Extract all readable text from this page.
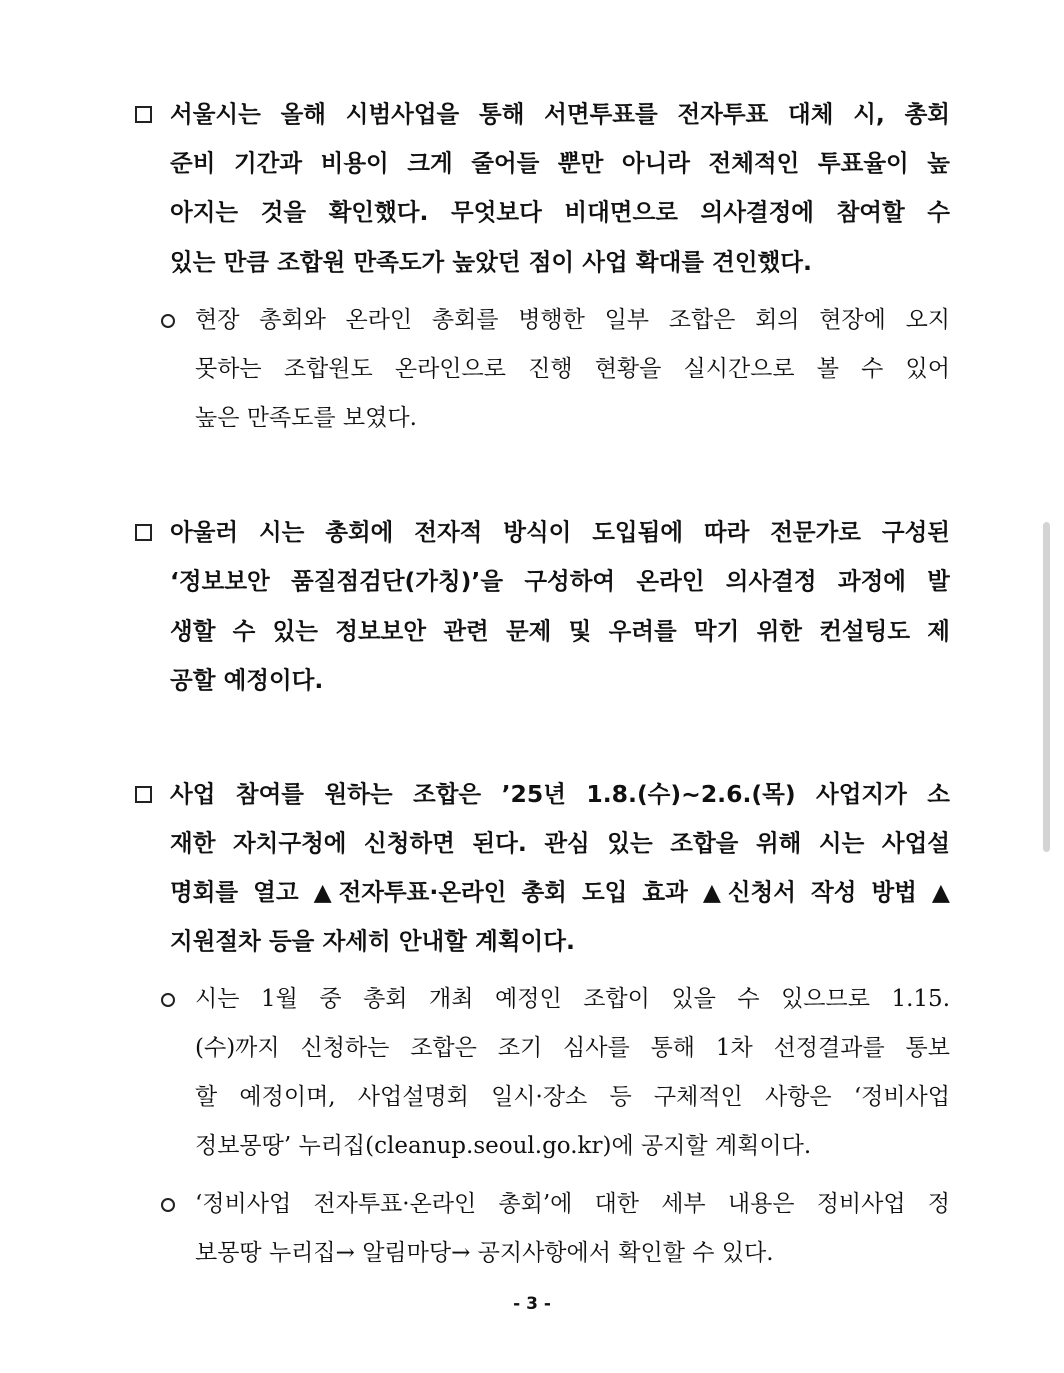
서울시는 올해 시범사업을 통해 서면투표를 전자투표 대체 시, 총회
준비 기간과 비용이 크게 줄어들 뿐만 아니라 전체적인 투표율이 높
아지는 것을 확인했다. 무엇보다 비대면으로 의사결정에 참여할 수
있는 만큼 조합원 만족도가 높았던 점이 사업 확대를 견인했다.
현장 총회와 온라인 총회를 병행한 일부 조합은 회의 현장에 오지
못하는 조합원도 온라인으로 진행 현황을 실시간으로 볼 수 있어
높은 만족도를 보였다.
아울러 시는 총회에 전자적 방식이 도입됨에 따라 전문가로 구성된
‘정보보안 품질점검단(가칭)’을 구성하여 온라인 의사결정 과정에 발
생할 수 있는 정보보안 관련 문제 및 우려를 막기 위한 컨설팅도 제
공할 예정이다.
사업 참여를 원하는 조합은 ’25년 1.8.(수)~2.6.(목) 사업지가 소
재한 자치구청에 신청하면 된다. 관심 있는 조합을 위해 시는 사업설
명회를 열고 ▲전자투표·온라인 총회 도입 효과 ▲신청서 작성 방법 ▲
지원절차 등을 자세히 안내할 계획이다.
시는 1월 중 총회 개최 예정인 조합이 있을 수 있으므로 1.15.
(수)까지 신청하는 조합은 조기 심사를 통해 1차 선정결과를 통보
할 예정이며, 사업설명회 일시·장소 등 구체적인 사항은 ‘정비사업
정보몽땅’ 누리집(cleanup.seoul.go.kr)에 공지할 계획이다.
‘정비사업 전자투표·온라인 총회’에 대한 세부 내용은 정비사업 정
보몽땅 누리집→ 알림마당→ 공지사항에서 확인할 수 있다.
- 3 -
